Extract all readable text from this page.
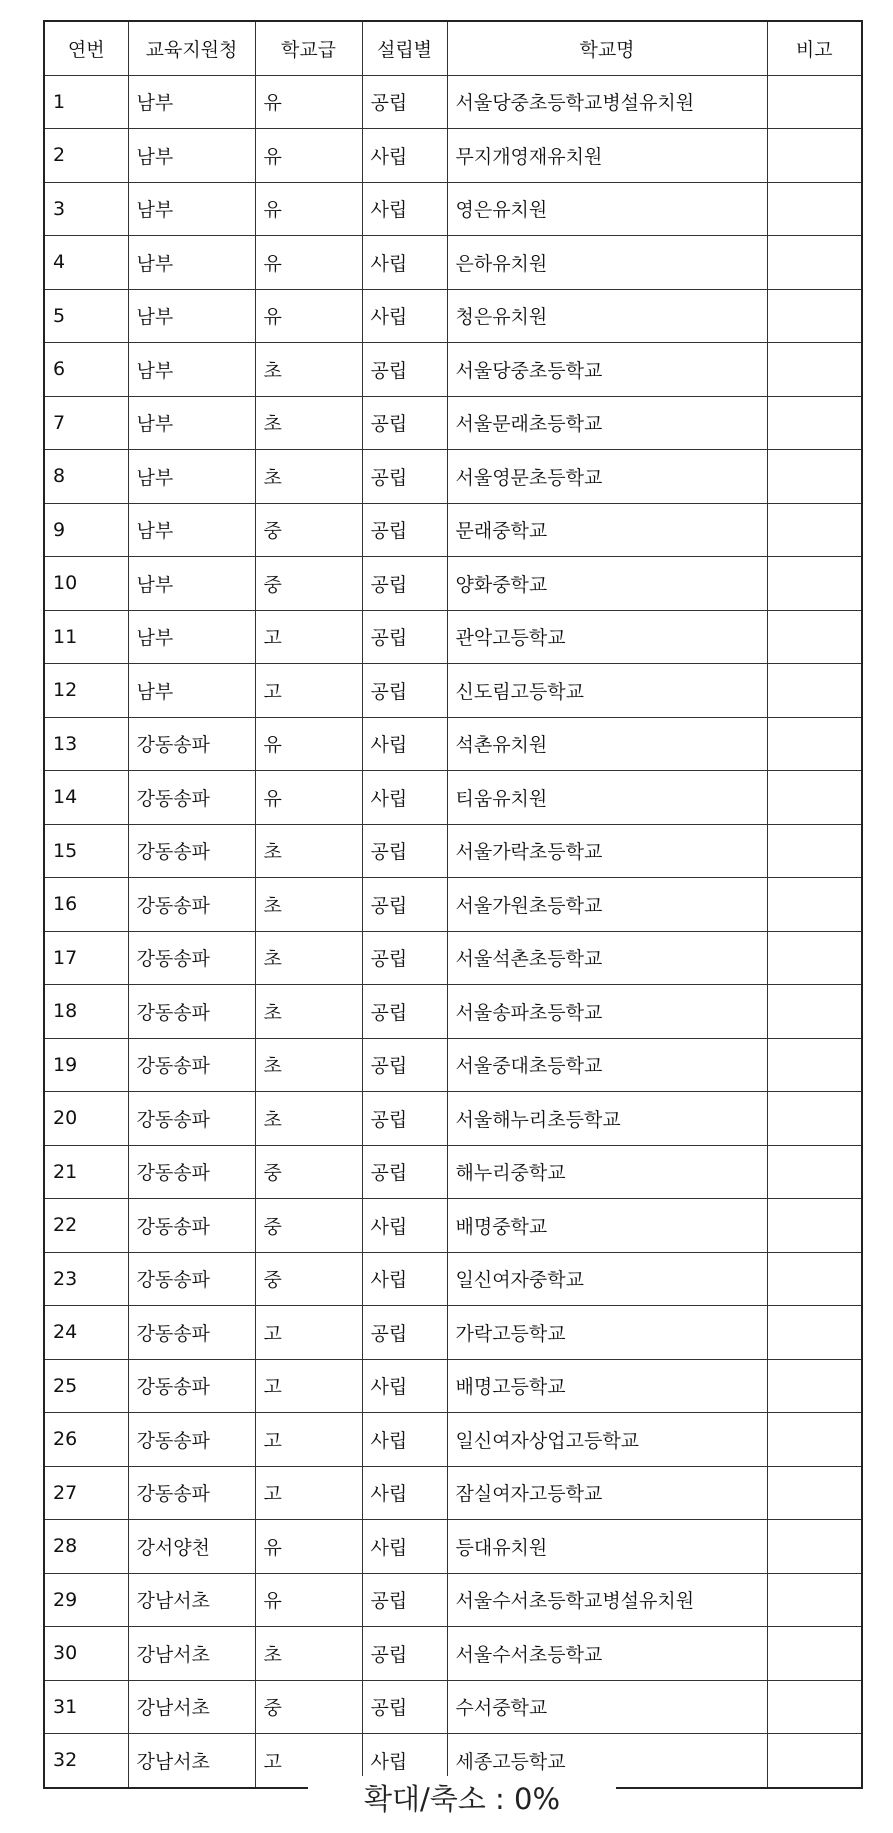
연번	교육지원청	학교급	설립별	학교명	비고
1	남부	유	공립	서울당중초등학교병설유치원	
2	남부	유	사립	무지개영재유치원	
3	남부	유	사립	영은유치원	
4	남부	유	사립	은하유치원	
5	남부	유	사립	청은유치원	
6	남부	초	공립	서울당중초등학교	
7	남부	초	공립	서울문래초등학교	
8	남부	초	공립	서울영문초등학교	
9	남부	중	공립	문래중학교	
10	남부	중	공립	양화중학교	
11	남부	고	공립	관악고등학교	
12	남부	고	공립	신도림고등학교	
13	강동송파	유	사립	석촌유치원	
14	강동송파	유	사립	티움유치원	
15	강동송파	초	공립	서울가락초등학교	
16	강동송파	초	공립	서울가원초등학교	
17	강동송파	초	공립	서울석촌초등학교	
18	강동송파	초	공립	서울송파초등학교	
19	강동송파	초	공립	서울중대초등학교	
20	강동송파	초	공립	서울해누리초등학교	
21	강동송파	중	공립	해누리중학교	
22	강동송파	중	사립	배명중학교	
23	강동송파	중	사립	일신여자중학교	
24	강동송파	고	공립	가락고등학교	
25	강동송파	고	사립	배명고등학교	
26	강동송파	고	사립	일신여자상업고등학교	
27	강동송파	고	사립	잠실여자고등학교	
28	강서양천	유	사립	등대유치원	
29	강남서초	유	공립	서울수서초등학교병설유치원	
30	강남서초	초	공립	서울수서초등학교	
31	강남서초	중	공립	수서중학교	
32	강남서초	고	사립	세종고등학교	
확대/축소 : 0%
